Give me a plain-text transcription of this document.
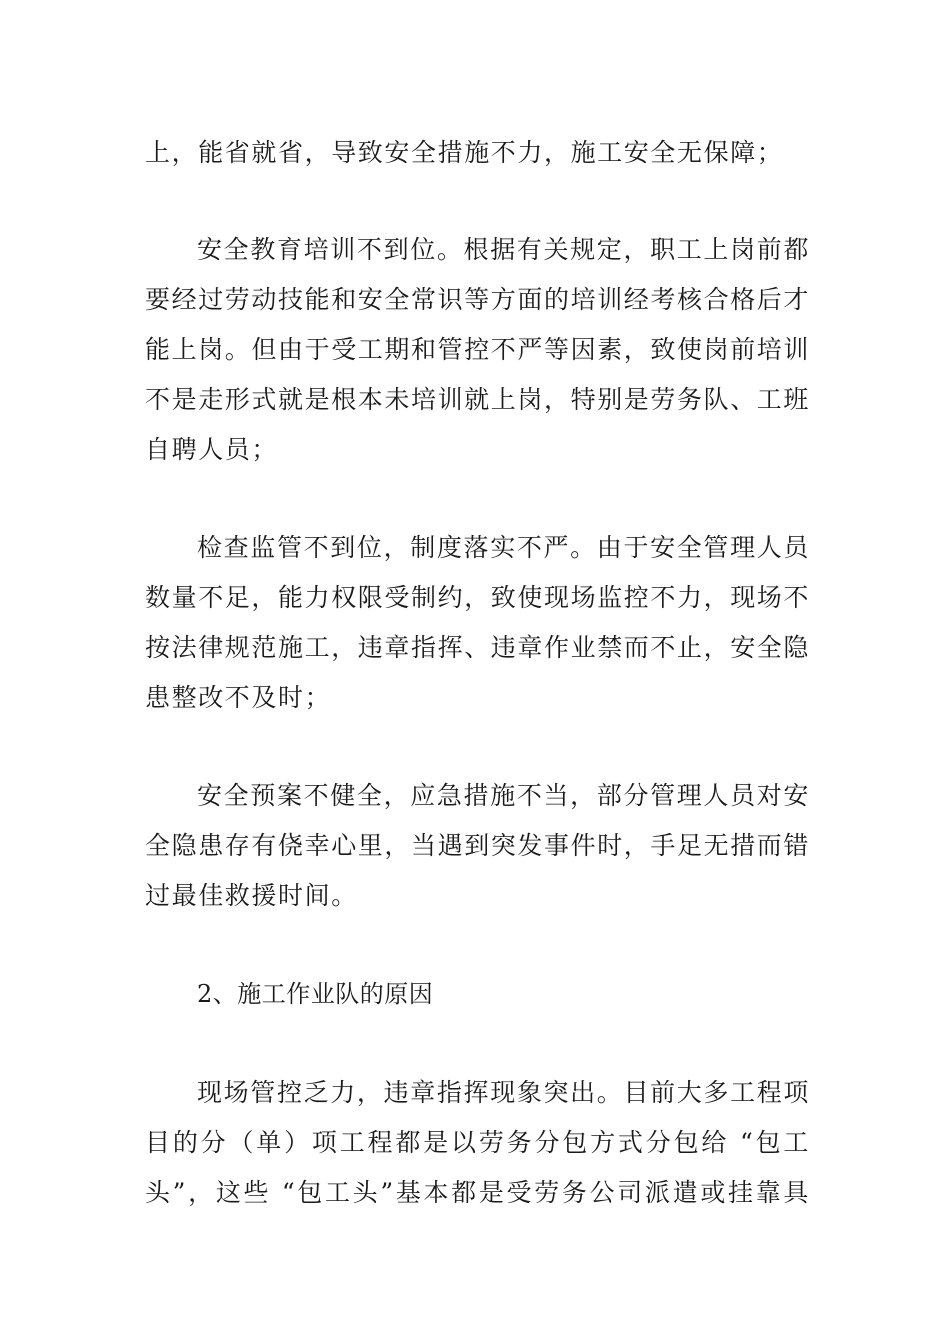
上，能省就省，导致安全措施不力，施工安全无保障；
安全教育培训不到位。根据有关规定，职工上岗前都
要经过劳动技能和安全常识等方面的培训经考核合格后才
能上岗。但由于受工期和管控不严等因素，致使岗前培训
不是走形式就是根本未培训就上岗，特别是劳务队、工班
自聘人员；
检查监管不到位，制度落实不严。由于安全管理人员
数量不足，能力权限受制约，致使现场监控不力，现场不
按法律规范施工，违章指挥、违章作业禁而不止，安全隐
患整改不及时；
安全预案不健全，应急措施不当，部分管理人员对安
全隐患存有侥幸心里，当遇到突发事件时，手足无措而错
过最佳救援时间。
2、施工作业队的原因
现场管控乏力，违章指挥现象突出。目前大多工程项
目的分（单）项工程都是以劳务分包方式分包给 “包工
头”，这些 “包工头”基本都是受劳务公司派遣或挂靠具
